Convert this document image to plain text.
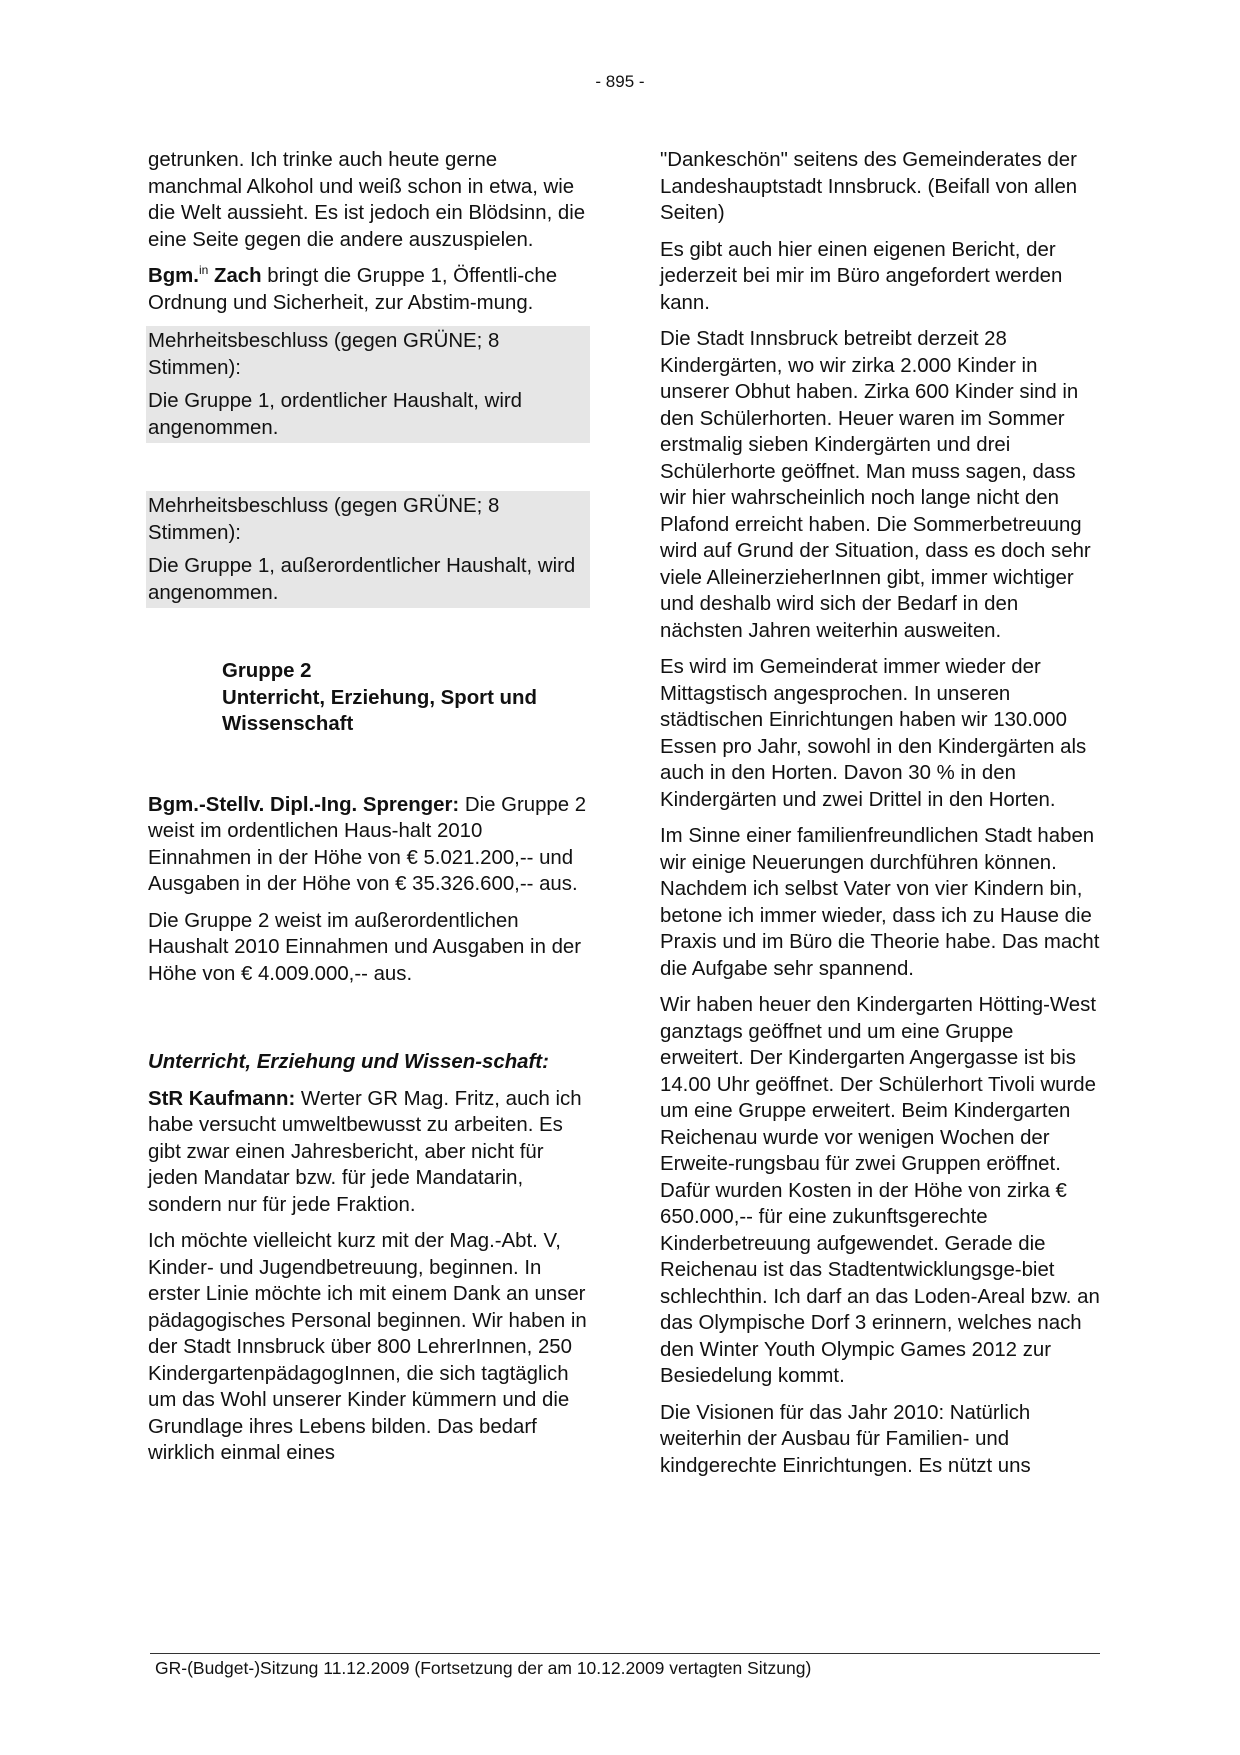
- 895 -

getrunken. Ich trinke auch heute gerne manchmal Alkohol und weiß schon in etwa, wie die Welt aussieht. Es ist jedoch ein Blödsinn, die eine Seite gegen die andere auszuspielen.

Bgm.$^{in}$ Zach bringt die Gruppe 1, Öffentli-che Ordnung und Sicherheit, zur Abstim-mung.

Mehrheitsbeschluss (gegen GRÜNE; 8 Stimmen):

Die Gruppe 1, ordentlicher Haushalt, wird angenommen.

Mehrheitsbeschluss (gegen GRÜNE; 8 Stimmen):

Die Gruppe 1, außerordentlicher Haushalt, wird angenommen.

Gruppe 2
Unterricht, Erziehung, Sport und Wissenschaft

Bgm.-Stellv. Dipl.-Ing. Sprenger: Die Gruppe 2 weist im ordentlichen Haus-halt 2010 Einnahmen in der Höhe von € 5.021.200,-- und Ausgaben in der Höhe von € 35.326.600,-- aus.

Die Gruppe 2 weist im außerordentlichen Haushalt 2010 Einnahmen und Ausgaben in der Höhe von € 4.009.000,-- aus.

Unterricht, Erziehung und Wissen-schaft:

StR Kaufmann: Werter GR Mag. Fritz, auch ich habe versucht umweltbewusst zu arbeiten. Es gibt zwar einen Jahresbericht, aber nicht für jeden Mandatar bzw. für jede Mandatarin, sondern nur für jede Fraktion.

Ich möchte vielleicht kurz mit der Mag.-Abt. V, Kinder- und Jugendbetreuung, beginnen. In erster Linie möchte ich mit einem Dank an unser pädagogisches Personal beginnen. Wir haben in der Stadt Innsbruck über 800 LehrerInnen, 250 KindergartenpädagogInnen, die sich tagtäglich um das Wohl unserer Kinder kümmern und die Grundlage ihres Lebens bilden. Das bedarf wirklich einmal eines

"Dankeschön" seitens des Gemeinderates der Landeshauptstadt Innsbruck. (Beifall von allen Seiten)

Es gibt auch hier einen eigenen Bericht, der jederzeit bei mir im Büro angefordert werden kann.

Die Stadt Innsbruck betreibt derzeit 28 Kindergärten, wo wir zirka 2.000 Kinder in unserer Obhut haben. Zirka 600 Kinder sind in den Schülerhorten. Heuer waren im Sommer erstmalig sieben Kindergärten und drei Schülerhorte geöffnet. Man muss sagen, dass wir hier wahrscheinlich noch lange nicht den Plafond erreicht haben. Die Sommerbetreuung wird auf Grund der Situation, dass es doch sehr viele AlleinerzieherInnen gibt, immer wichtiger und deshalb wird sich der Bedarf in den nächsten Jahren weiterhin ausweiten.

Es wird im Gemeinderat immer wieder der Mittagstisch angesprochen. In unseren städtischen Einrichtungen haben wir 130.000 Essen pro Jahr, sowohl in den Kindergärten als auch in den Horten. Davon 30 % in den Kindergärten und zwei Drittel in den Horten.

Im Sinne einer familienfreundlichen Stadt haben wir einige Neuerungen durchführen können. Nachdem ich selbst Vater von vier Kindern bin, betone ich immer wieder, dass ich zu Hause die Praxis und im Büro die Theorie habe. Das macht die Aufgabe sehr spannend.

Wir haben heuer den Kindergarten Hötting-West ganztags geöffnet und um eine Gruppe erweitert. Der Kindergarten Angergasse ist bis 14.00 Uhr geöffnet. Der Schülerhort Tivoli wurde um eine Gruppe erweitert. Beim Kindergarten Reichenau wurde vor wenigen Wochen der Erweite-rungsbau für zwei Gruppen eröffnet. Dafür wurden Kosten in der Höhe von zirka € 650.000,-- für eine zukunftsgerechte Kinderbetreuung aufgewendet. Gerade die Reichenau ist das Stadtentwicklungsge-biet schlechthin. Ich darf an das Loden-Areal bzw. an das Olympische Dorf 3 erinnern, welches nach den Winter Youth Olympic Games 2012 zur Besiedelung kommt.

Die Visionen für das Jahr 2010: Natürlich weiterhin der Ausbau für Familien- und kindgerechte Einrichtungen. Es nützt uns

GR-(Budget-)Sitzung 11.12.2009 (Fortsetzung der am 10.12.2009 vertagten Sitzung)
